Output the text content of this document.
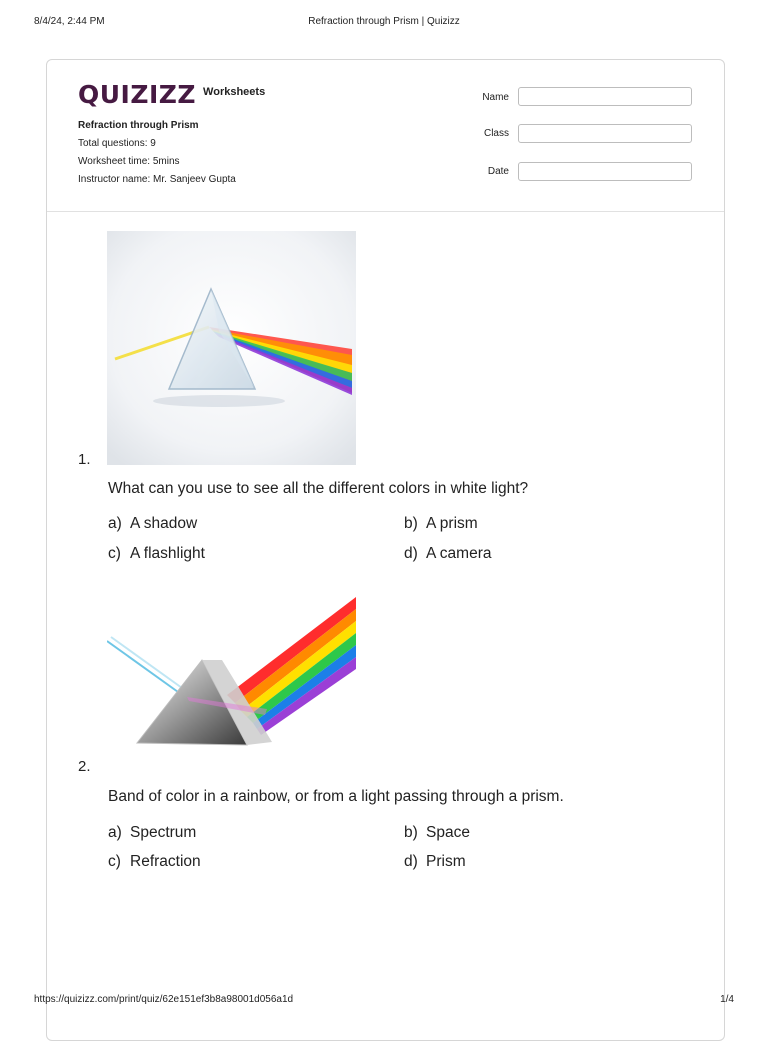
8/4/24, 2:44 PM	Refraction through Prism | Quizizz
QUIZIZZ Worksheets
Refraction through Prism
Total questions: 9
Worksheet time: 5mins
Instructor name: Mr. Sanjeev Gupta
Name
Class
Date
1.
What can you use to see all the different colors in white light?
a) A shadow	b) A prism
c) A flashlight	d) A camera
2.
Band of color in a rainbow, or from a light passing through a prism.
a) Spectrum	b) Space
c) Refraction	d) Prism
https://quizizz.com/print/quiz/62e151ef3b8a98001d056a1d	1/4
